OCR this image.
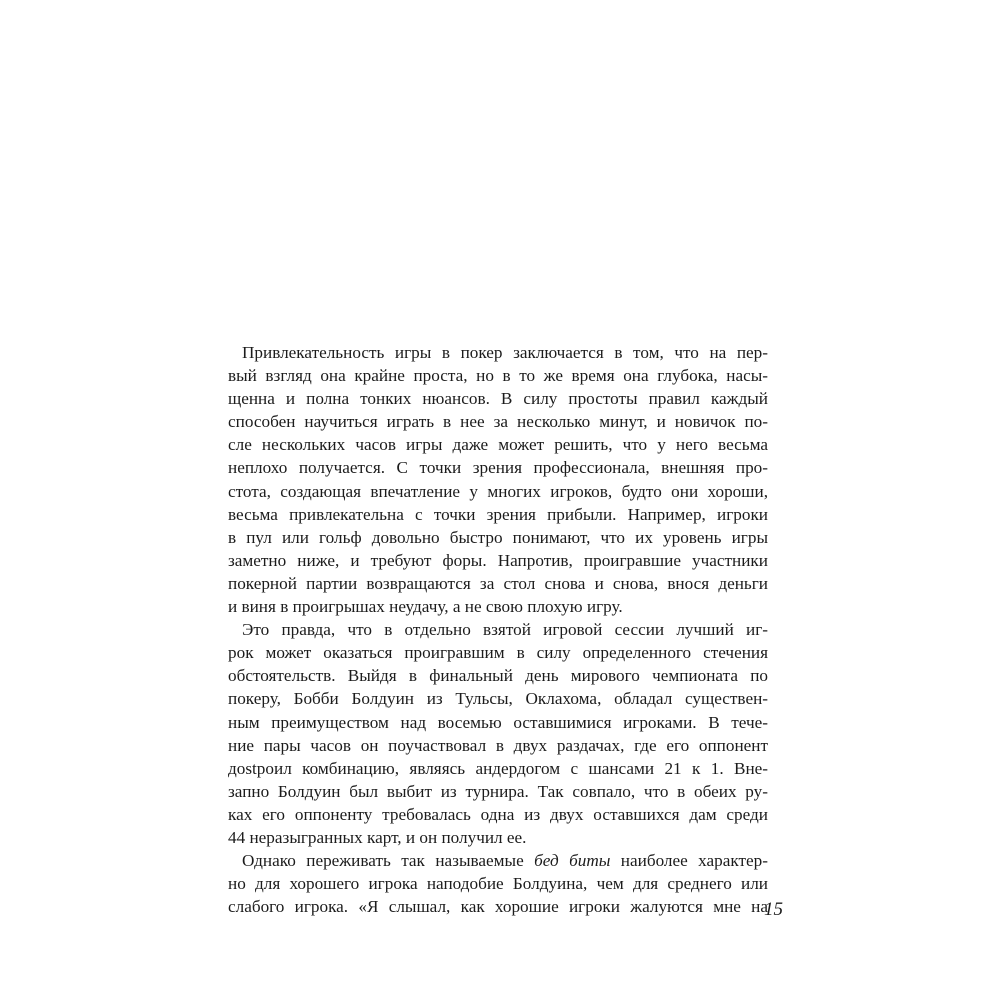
Привлекательность игры в покер заключается в том, что на пер-
вый взгляд она крайне проста, но в то же время она глубока, насы-
щенна и полна тонких нюансов. В силу простоты правил каждый
способен научиться играть в нее за несколько минут, и новичок по-
сле нескольких часов игры даже может решить, что у него весьма
неплохо получается. С точки зрения профессионала, внешняя про-
стота, создающая впечатление у многих игроков, будто они хороши,
весьма привлекательна с точки зрения прибыли. Например, игроки
в пул или гольф довольно быстро понимают, что их уровень игры
заметно ниже, и требуют форы. Напротив, проигравшие участники
покерной партии возвращаются за стол снова и снова, внося деньги
и виня в проигрышах неудачу, а не свою плохую игру.
Это правда, что в отдельно взятой игровой сессии лучший иг-
рок может оказаться проигравшим в силу определенного стечения
обстоятельств. Выйдя в финальный день мирового чемпионата по
покеру, Бобби Болдуин из Тульсы, Оклахома, обладал существен-
ным преимуществом над восемью оставшимися игроками. В тече-
ние пары часов он поучаствовал в двух раздачах, где его оппонент
дostроил комбинацию, являясь андердогом с шансами 21 к 1. Вне-
запно Болдуин был выбит из турнира. Так совпало, что в обеих ру-
ках его оппоненту требовалась одна из двух оставшихся дам среди
44 неразыгранных карт, и он получил ее.
Однако переживать так называемые бед биты наиболее характер-
но для хорошего игрока наподобие Болдуина, чем для среднего или
слабого игрока. «Я слышал, как хорошие игроки жалуются мне на
15
